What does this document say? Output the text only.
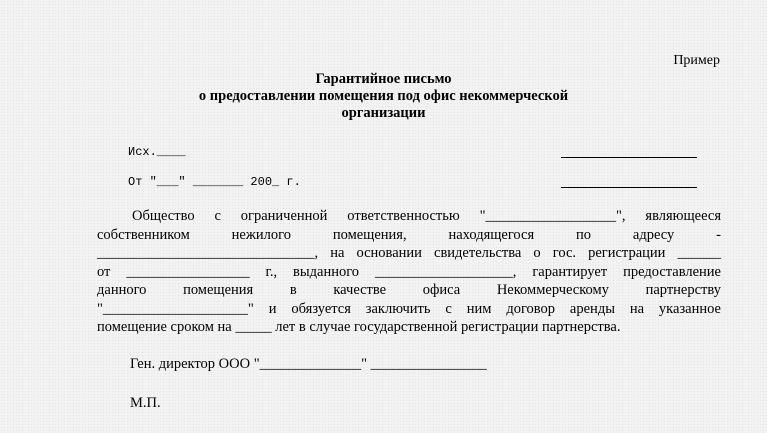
Пример
Гарантийное письмо
о предоставлении помещения под офис некоммерческой
организации
Исх.____
От "___" _______ 200_ г.

Общество с ограниченной ответственностью "__________________", являющееся

собственником нежилого помещения, находящегося по адресу -

______________________________, на основании свидетельства о гос. регистрации ______

от _________________ г., выданного ___________________, гарантирует предоставление

данного помещения в качестве офиса Некоммерческому партнерству

"____________________" и обязуется заключить с ним договор аренды на указанное

помещение сроком на _____ лет в случае государственной регистрации партнерства.

Ген. директор ООО "______________" ________________
М.П.
